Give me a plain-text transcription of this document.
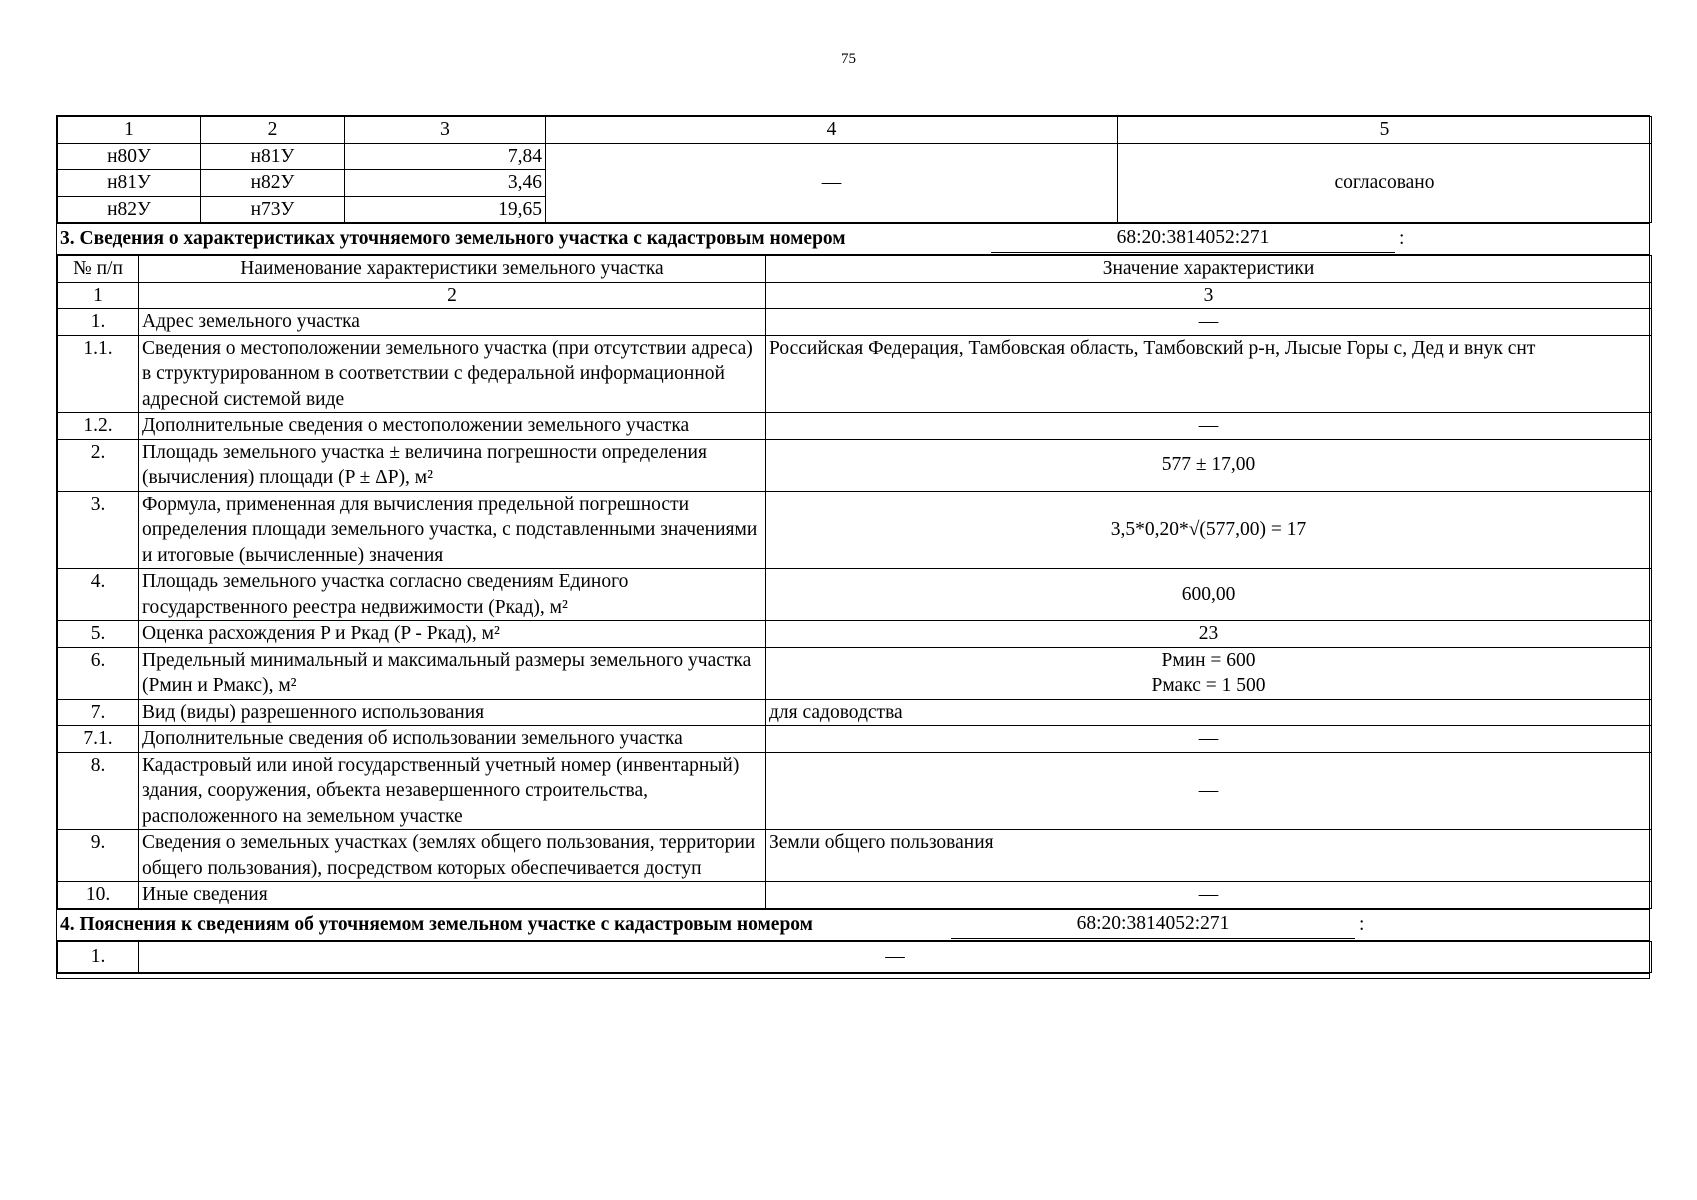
75
1	2	3	4	5
н80У	н81У	7,84	—	согласовано
н81У	н82У	3,46		
н82У	н73У	19,65		
3. Сведения о характеристиках уточняемого земельного участка с кадастровым номером	68:20:3814052:271	:
№ п/п	Наименование характеристики земельного участка	Значение характеристики
1	2	3
1.	Адрес земельного участка	—
1.1.	Сведения о местоположении земельного участка (при отсутствии адреса) в структурированном в соответствии с федеральной информационной адресной системой виде	Российская Федерация, Тамбовская область, Тамбовский р-н, Лысые Горы с, Дед и внук снт
1.2.	Дополнительные сведения о местоположении земельного участка	—
2.	Площадь земельного участка ± величина погрешности определения (вычисления) площади (P ± ΔP), м²	577 ± 17,00
3.	Формула, примененная для вычисления предельной погрешности определения площади земельного участка, с подставленными значениями и итоговые (вычисленные) значения	3,5*0,20*√(577,00) = 17
4.	Площадь земельного участка согласно сведениям Единого государственного реестра недвижимости (Pкад), м²	600,00
5.	Оценка расхождения P и Pкад (P - Pкад), м²	23
6.	Предельный минимальный и максимальный размеры земельного участка (Pмин и Pмакс), м²	Pмин = 600
Pмакс = 1 500

7.	Вид (виды) разрешенного использования	для садоводства
7.1.	Дополнительные сведения об использовании земельного участка	—
8.	Кадастровый или иной государственный учетный номер (инвентарный) здания, сооружения, объекта незавершенного строительства, расположенного на земельном участке	—
9.	Сведения о земельных участках (землях общего пользования, территории общего пользования), посредством которых обеспечивается доступ	Земли общего пользования
10.	Иные сведения	—
4. Пояснения к сведениям об уточняемом земельном участке с кадастровым номером	68:20:3814052:271	:
1.	—
